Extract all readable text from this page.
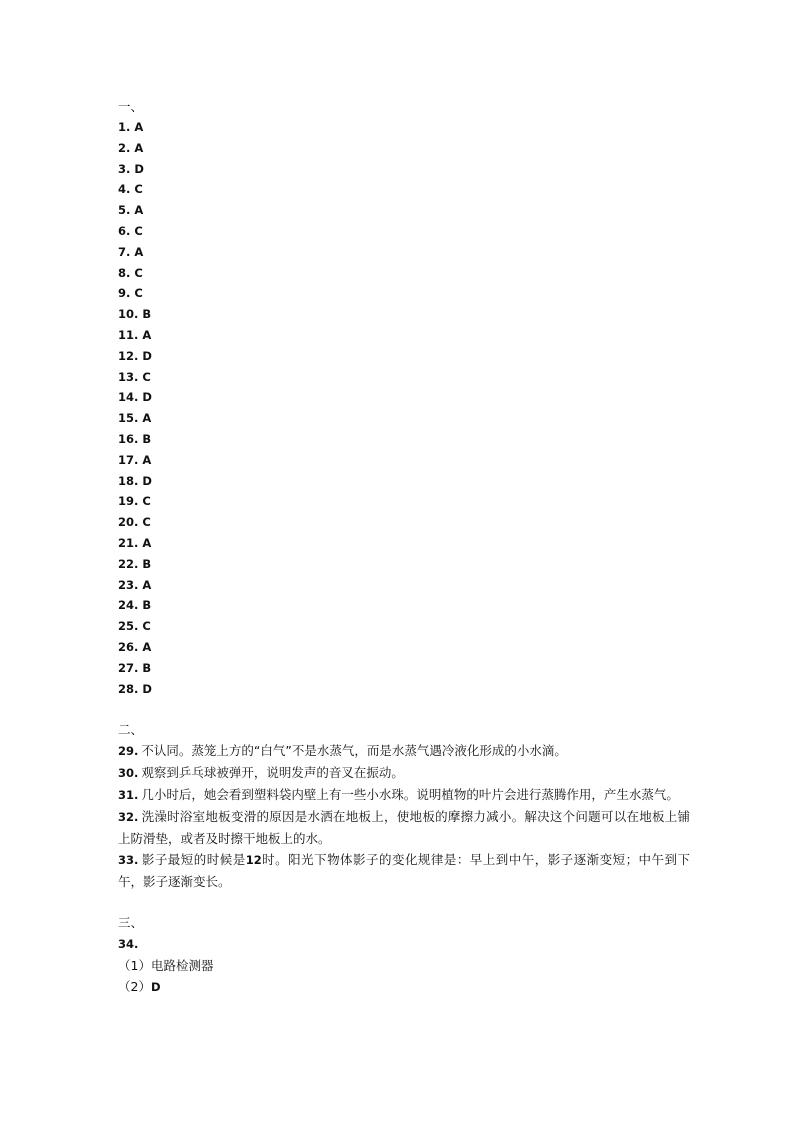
一、
1. A
2. A
3. D
4. C
5. A
6. C
7. A
8. C
9. C
10. B
11. A
12. D
13. C
14. D
15. A
16. B
17. A
18. D
19. C
20. C
21. A
22. B
23. A
24. B
25. C
26. A
27. B
28. D
二、

29. 不认同。蒸笼上方的“白气”不是水蒸气，而是水蒸气遇冷液化形成的小水滴。

30. 观察到乒乓球被弹开，说明发声的音叉在振动。

31. 几小时后，她会看到塑料袋内壁上有一些小水珠。说明植物的叶片会进行蒸腾作用，产生水蒸气。

32. 洗澡时浴室地板变滑的原因是水洒在地板上，使地板的摩擦力减小。解决这个问题可以在地板上铺上防滑垫，或者及时擦干地板上的水。

33. 影子最短的时候是12时。阳光下物体影子的变化规律是：早上到中午，影子逐渐变短；中午到下午，影子逐渐变长。

三、

34.

（1）电路检测器

（2）D
